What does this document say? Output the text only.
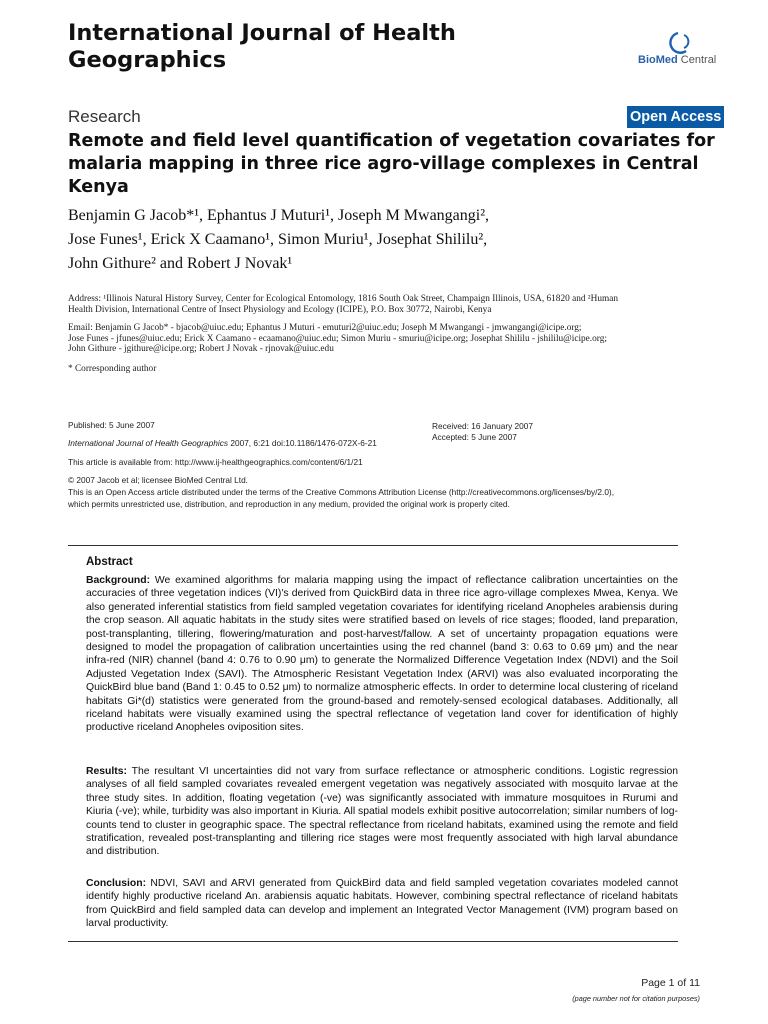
International Journal of Health Geographics	BioMed Central
Research	Open Access
Remote and field level quantification of vegetation covariates for malaria mapping in three rice agro-village complexes in Central Kenya
Benjamin G Jacob*¹, Ephantus J Muturi¹, Joseph M Mwangangi²,
Jose Funes¹, Erick X Caamano¹, Simon Muriu¹, Josephat Shililu²,
John Githure² and Robert J Novak¹
Address: ¹Illinois Natural History Survey, Center for Ecological Entomology, 1816 South Oak Street, Champaign Illinois, USA, 61820 and ²Human
Health Division, International Centre of Insect Physiology and Ecology (ICIPE), P.O. Box 30772, Nairobi, Kenya
Email: Benjamin G Jacob* - bjacob@uiuc.edu; Ephantus J Muturi - emuturi2@uiuc.edu; Joseph M Mwangangi - jmwangangi@icipe.org;
Jose Funes - jfunes@uiuc.edu; Erick X Caamano - ecaamano@uiuc.edu; Simon Muriu - smuriu@icipe.org; Josephat Shililu - jshililu@icipe.org;
John Githure - jgithure@icipe.org; Robert J Novak - rjnovak@uiuc.edu
* Corresponding author
Published: 5 June 2007
International Journal of Health Geographics 2007, 6:21 doi:10.1186/1476-072X-6-21
Received: 16 January 2007
Accepted: 5 June 2007
This article is available from: http://www.ij-healthgeographics.com/content/6/1/21
© 2007 Jacob et al; licensee BioMed Central Ltd.
This is an Open Access article distributed under the terms of the Creative Commons Attribution License (http://creativecommons.org/licenses/by/2.0),
which permits unrestricted use, distribution, and reproduction in any medium, provided the original work is properly cited.
Abstract
Background: We examined algorithms for malaria mapping using the impact of reflectance calibration uncertainties on the accuracies of three vegetation indices (VI)'s derived from QuickBird data in three rice agro-village complexes Mwea, Kenya. We also generated inferential statistics from field sampled vegetation covariates for identifying riceland Anopheles arabiensis during the crop season. All aquatic habitats in the study sites were stratified based on levels of rice stages; flooded, land preparation, post-transplanting, tillering, flowering/maturation and post-harvest/fallow. A set of uncertainty propagation equations were designed to model the propagation of calibration uncertainties using the red channel (band 3: 0.63 to 0.69 μm) and the near infra-red (NIR) channel (band 4: 0.76 to 0.90 μm) to generate the Normalized Difference Vegetation Index (NDVI) and the Soil Adjusted Vegetation Index (SAVI). The Atmospheric Resistant Vegetation Index (ARVI) was also evaluated incorporating the QuickBird blue band (Band 1: 0.45 to 0.52 μm) to normalize atmospheric effects. In order to determine local clustering of riceland habitats Gi*(d) statistics were generated from the ground-based and remotely-sensed ecological databases. Additionally, all riceland habitats were visually examined using the spectral reflectance of vegetation land cover for identification of highly productive riceland Anopheles oviposition sites.
Results: The resultant VI uncertainties did not vary from surface reflectance or atmospheric conditions. Logistic regression analyses of all field sampled covariates revealed emergent vegetation was negatively associated with mosquito larvae at the three study sites. In addition, floating vegetation (-ve) was significantly associated with immature mosquitoes in Rurumi and Kiuria (-ve); while, turbidity was also important in Kiuria. All spatial models exhibit positive autocorrelation; similar numbers of log-counts tend to cluster in geographic space. The spectral reflectance from riceland habitats, examined using the remote and field stratification, revealed post-transplanting and tillering rice stages were most frequently associated with high larval abundance and distribution.
Conclusion: NDVI, SAVI and ARVI generated from QuickBird data and field sampled vegetation covariates modeled cannot identify highly productive riceland An. arabiensis aquatic habitats. However, combining spectral reflectance of riceland habitats from QuickBird and field sampled data can develop and implement an Integrated Vector Management (IVM) program based on larval productivity.
Page 1 of 11
(page number not for citation purposes)
